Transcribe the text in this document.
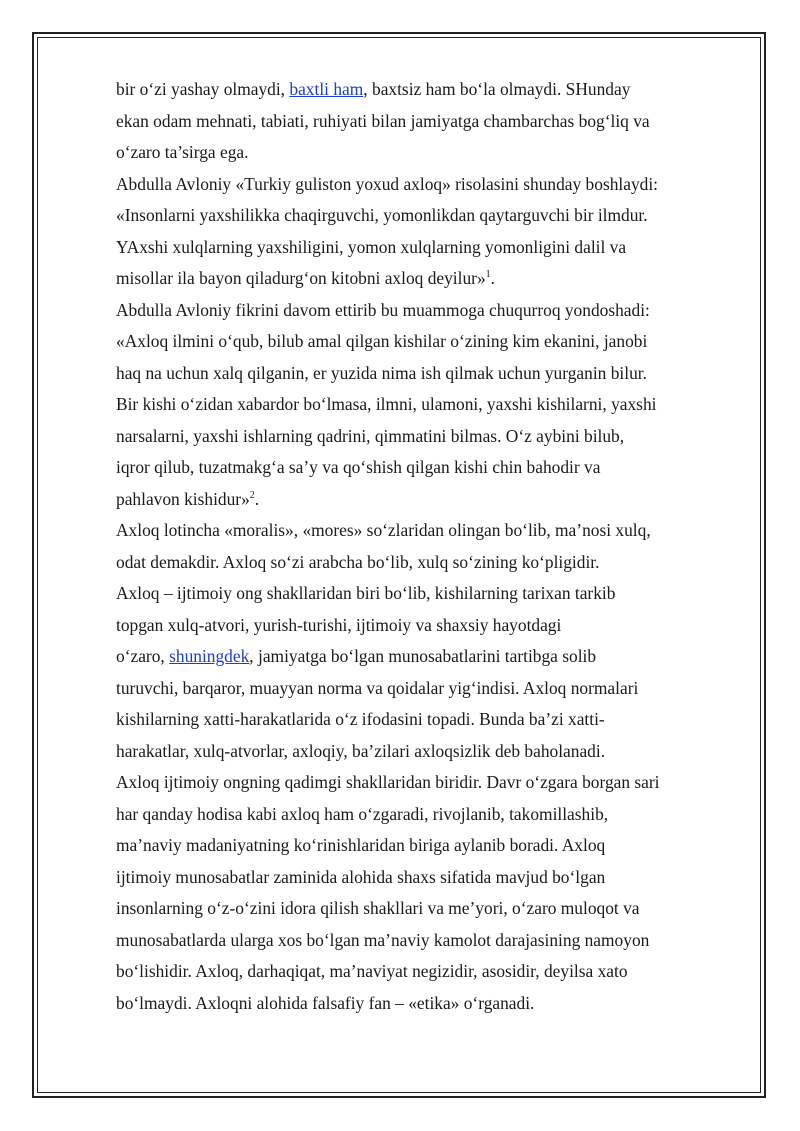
bir o‘zi yashay olmaydi, baxtli ham, baxtsiz ham bo‘la olmaydi. SHunday
ekan odam mehnati, tabiati, ruhiyati bilan jamiyatga chambarchas bog‘liq va
o‘zaro ta’sirga ega.
Abdulla Avloniy «Turkiy guliston yoxud axloq» risolasini shunday boshlaydi:
«Insonlarni yaxshilikka chaqirguvchi, yomonlikdan qaytarguvchi bir ilmdur.
YAxshi xulqlarning yaxshiligini, yomon xulqlarning yomonligini dalil va
misollar ila bayon qiladurg‘on kitobni axloq deyilur»$^1$.
Abdulla Avloniy fikrini davom ettirib bu muammoga chuqurroq yondoshadi:
«Axloq ilmini o‘qub, bilub amal qilgan kishilar o‘zining kim ekanini, janobi
haq na uchun xalq qilganin, er yuzida nima ish qilmak uchun yurganin bilur.
Bir kishi o‘zidan xabardor bo‘lmasa, ilmni, ulamoni, yaxshi kishilarni, yaxshi
narsalarni, yaxshi ishlarning qadrini, qimmatini bilmas. O‘z aybini bilub,
iqror qilub, tuzatmakg‘a sa’y va qo‘shish qilgan kishi chin bahodir va
pahlavon kishidur»$^2$.
Axloq lotincha «moralis», «mores» so‘zlaridan olingan bo‘lib, ma’nosi xulq,
odat demakdir. Axloq so‘zi arabcha bo‘lib, xulq so‘zining ko‘pligidir.
Axloq – ijtimoiy ong shakllaridan biri bo‘lib, kishilarning tarixan tarkib
topgan xulq-atvori, yurish-turishi, ijtimoiy va shaxsiy hayotdagi
o‘zaro, shuningdek, jamiyatga bo‘lgan munosabatlarini tartibga solib
turuvchi, barqaror, muayyan norma va qoidalar yig‘indisi. Axloq normalari
kishilarning xatti-harakatlarida o‘z ifodasini topadi. Bunda ba’zi xatti-
harakatlar, xulq-atvorlar, axloqiy, ba’zilari axloqsizlik deb baholanadi.
Axloq ijtimoiy ongning qadimgi shakllaridan biridir. Davr o‘zgara borgan sari
har qanday hodisa kabi axloq ham o‘zgaradi, rivojlanib, takomillashib,
ma’naviy madaniyatning ko‘rinishlaridan biriga aylanib boradi. Axloq
ijtimoiy munosabatlar zaminida alohida shaxs sifatida mavjud bo‘lgan
insonlarning o‘z-o‘zini idora qilish shakllari va me’yori, o‘zaro muloqot va
munosabatlarda ularga xos bo‘lgan ma’naviy kamolot darajasining namoyon
bo‘lishidir. Axloq, darhaqiqat, ma’naviyat negizidir, asosidir, deyilsa xato
bo‘lmaydi. Axloqni alohida falsafiy fan – «etika» o‘rganadi.
